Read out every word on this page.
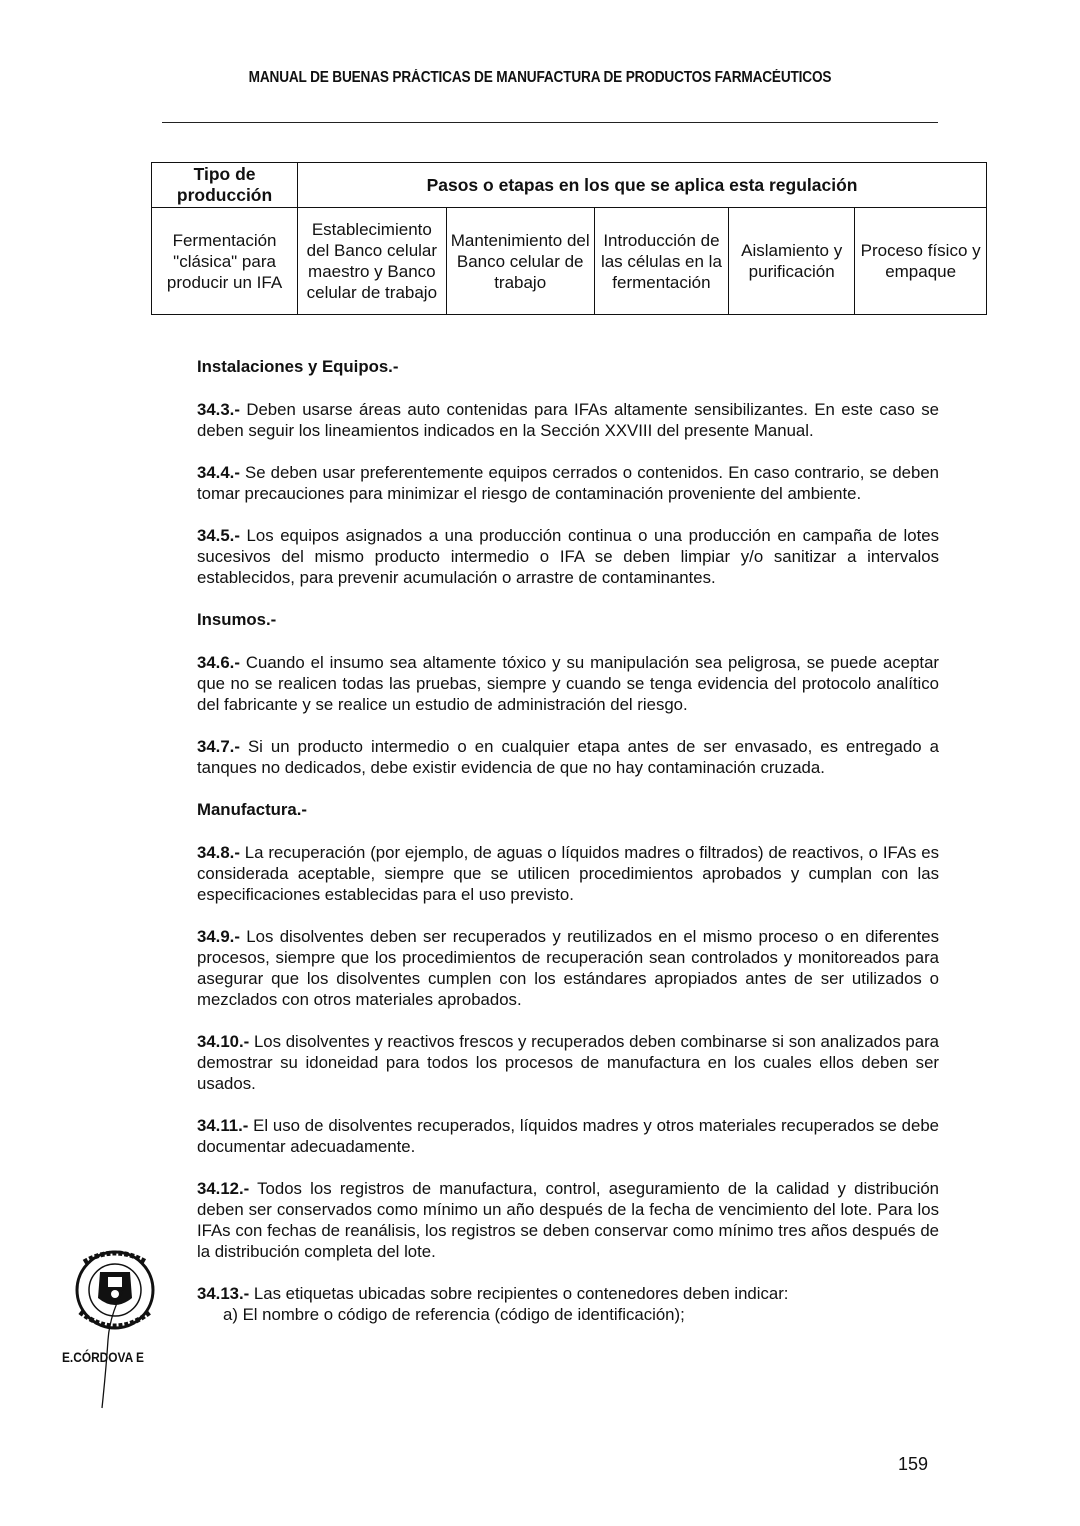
MANUAL DE BUENAS PRÁCTICAS DE MANUFACTURA DE PRODUCTOS FARMACÉUTICOS
Tipo de producción	Pasos o etapas en los que se aplica esta regulación				
Fermentación "clásica" para producir un IFA	Establecimiento del Banco celular maestro y Banco celular de trabajo	Mantenimiento del Banco celular de trabajo	Introducción de las células en la fermentación	Aislamiento y purificación	Proceso físico y empaque
Instalaciones y Equipos.-

34.3.- Deben usarse áreas auto contenidas para IFAs altamente sensibilizantes. En este caso se deben seguir los lineamientos indicados en la Sección XXVIII del presente Manual.

34.4.- Se deben usar preferentemente equipos cerrados o contenidos. En caso contrario, se deben tomar precauciones para minimizar el riesgo de contaminación proveniente del ambiente.

34.5.- Los equipos asignados a una producción continua o una producción en campaña de lotes sucesivos del mismo producto intermedio o IFA se deben limpiar y/o sanitizar a intervalos establecidos, para prevenir acumulación o arrastre de contaminantes.

Insumos.-

34.6.- Cuando el insumo sea altamente tóxico y su manipulación sea peligrosa, se puede aceptar que no se realicen todas las pruebas, siempre y cuando se tenga evidencia del protocolo analítico del fabricante y se realice un estudio de administración del riesgo.

34.7.- Si un producto intermedio o en cualquier etapa antes de ser envasado, es entregado a tanques no dedicados, debe existir evidencia de que no hay contaminación cruzada.

Manufactura.-

34.8.- La recuperación (por ejemplo, de aguas o líquidos madres o filtrados) de reactivos, o IFAs es considerada aceptable, siempre que se utilicen procedimientos aprobados y cumplan con las especificaciones establecidas para el uso previsto.

34.9.- Los disolventes deben ser recuperados y reutilizados en el mismo proceso o en diferentes procesos, siempre que los procedimientos de recuperación sean controlados y monitoreados para asegurar que los disolventes cumplen con los estándares apropiados antes de ser utilizados o mezclados con otros materiales aprobados.

34.10.- Los disolventes y reactivos frescos y recuperados deben combinarse si son analizados para demostrar su idoneidad para todos los procesos de manufactura en los cuales ellos deben ser usados.

34.11.- El uso de disolventes recuperados, líquidos madres y otros materiales recuperados se debe documentar adecuadamente.

34.12.- Todos los registros de manufactura, control, aseguramiento de la calidad y distribución deben ser conservados como mínimo un año después de la fecha de vencimiento del lote. Para los IFAs con fechas de reanálisis, los registros se deben conservar como mínimo tres años después de la distribución completa del lote.

34.13.- Las etiquetas ubicadas sobre recipientes o contenedores deben indicar:

a) El nombre o código de referencia (código de identificación);
E.CÓRDOVA E
159
